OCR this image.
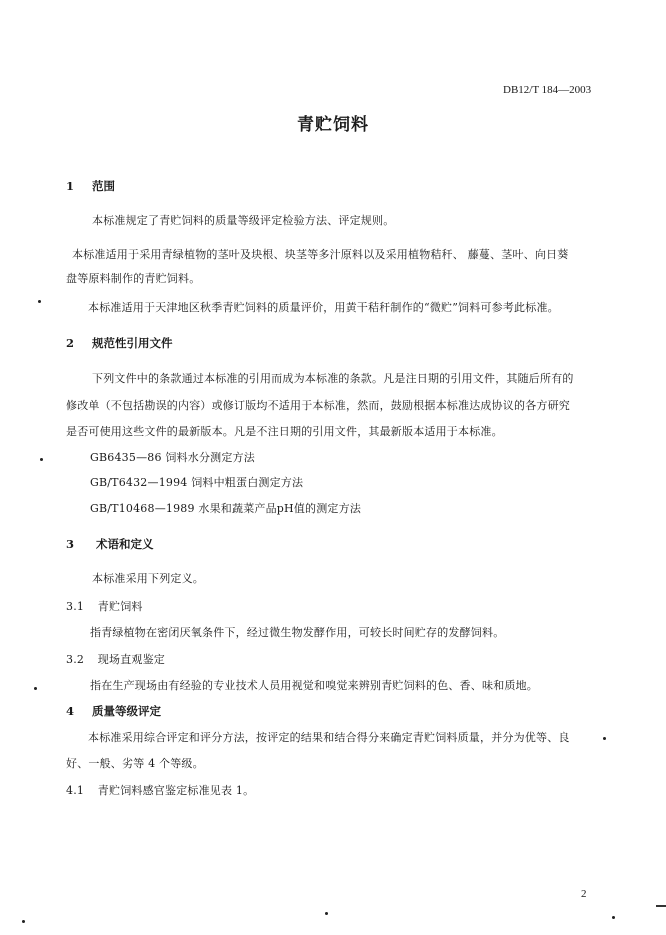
DB12/T 184—2003
青贮饲料
1 范围
本标准规定了青贮饲料的质量等级评定检验方法、评定规则。
本标准适用于采用青绿植物的茎叶及块根、块茎等多汁原料以及采用植物秸秆、 藤蔓、茎叶、向日葵
盘等原料制作的青贮饲料。
本标准适用于天津地区秋季青贮饲料的质量评价，用黄干秸秆制作的“微贮”饲料可参考此标准。
2 规范性引用文件
下列文件中的条款通过本标准的引用而成为本标准的条款。凡是注日期的引用文件，其随后所有的
修改单（不包括勘误的内容）或修订版均不适用于本标准，然而，鼓励根据本标准达成协议的各方研究
是否可使用这些文件的最新版本。凡是不注日期的引用文件，其最新版本适用于本标准。
GB6435—86 饲料水分测定方法
GB/T6432—1994 饲料中粗蛋白测定方法
GB/T10468—1989 水果和蔬菜产品pH值的测定方法
3 术语和定义
本标准采用下列定义。
3.1 青贮饲料
指青绿植物在密闭厌氧条件下，经过微生物发酵作用，可较长时间贮存的发酵饲料。
3.2 现场直观鉴定
指在生产现场由有经验的专业技术人员用视觉和嗅觉来辨别青贮饲料的色、香、味和质地。
4 质量等级评定
本标准采用综合评定和评分方法，按评定的结果和结合得分来确定青贮饲料质量，并分为优等、良
好、一般、劣等 4 个等级。
4.1 青贮饲料感官鉴定标准见表 1。
2
